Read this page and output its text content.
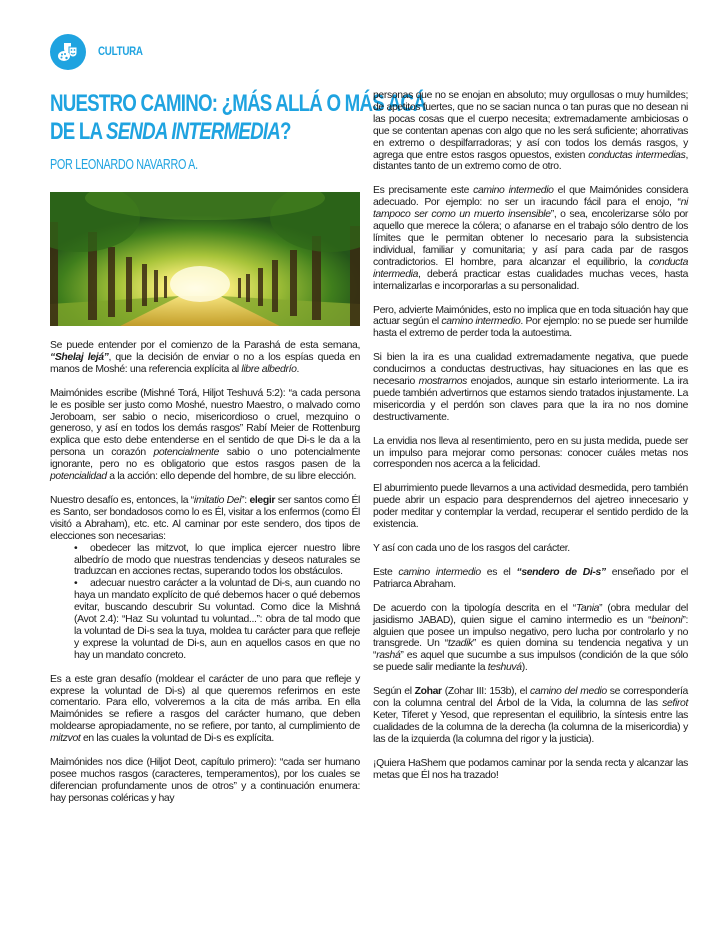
CULTURA
NUESTRO CAMINO: ¿MÁS ALLÁ O MÁS ACÁ
DE LA SENDA INTERMEDIA?
POR LEONARDO NAVARRO A.

Se puede entender por el comienzo de la Parashá de esta semana, “Shelaj lejá”, que la decisión de enviar o no a los espías queda en manos de Moshé: una referencia explícita al libre albedrío.

Maimónides escribe (Mishné Torá, Hiljot Teshuvá 5:2): “a cada persona le es posible ser justo como Moshé, nuestro Maestro, o malvado como Jeroboam, ser sabio o necio, misericordioso o cruel, mezquino o generoso, y así en todos los demás rasgos” Rabí Meier de Rottenburg explica que esto debe entenderse en el sentido de que Di-s le da a la persona un corazón potencialmente sabio o uno potencialmente ignorante, pero no es obligatorio que estos rasgos pasen de la potencialidad a la acción: ello depende del hombre, de su libre elección.

Nuestro desafío es, entonces, la “imitatio Dei”: elegir ser santos como Él es Santo, ser bondadosos como lo es Él, visitar a los enfermos (como Él visitó a Abraham), etc. etc. Al caminar por este sendero, dos tipos de elecciones son necesarias:

• obedecer las mitzvot, lo que implica ejercer nuestro libre albedrío de modo que nuestras tendencias y deseos naturales se traduzcan en acciones rectas, superando todos los obstáculos.

• adecuar nuestro carácter a la voluntad de Di-s, aun cuando no haya un mandato explícito de qué debemos hacer o qué debemos evitar, buscando descubrir Su voluntad. Como dice la Mishná (Avot 2.4): “Haz Su voluntad tu voluntad...”: obra de tal modo que la voluntad de Di-s sea la tuya, moldea tu carácter para que refleje y exprese la voluntad de Di-s, aun en aquellos casos en que no hay un mandato concreto.

Es a este gran desafío (moldear el carácter de uno para que refleje y exprese la voluntad de Di-s) al que queremos referirnos en este comentario. Para ello, volveremos a la cita de más arriba. En ella Maimónides se refiere a rasgos del carácter humano, que deben moldearse apropiadamente, no se refiere, por tanto, al cumplimiento de mitzvot en las cuales la voluntad de Di-s es explícita.

Maimónides nos dice (Hiljot Deot, capítulo primero): “cada ser humano posee muchos rasgos (caracteres, temperamentos), por los cuales se diferencian profundamente unos de otros” y a continuación enumera: hay personas coléricas y hay

personas que no se enojan en absoluto; muy orgullosas o muy humildes; de apetitos fuertes, que no se sacian nunca o tan puras que no desean ni las pocas cosas que el cuerpo necesita; extremadamente ambiciosas o que se contentan apenas con algo que no les será suficiente; ahorrativas en extremo o despilfarradoras; y así con todos los demás rasgos, y agrega que entre estos rasgos opuestos, existen conductas intermedias, distantes tanto de un extremo como de otro.

Es precisamente este camino intermedio el que Maimónides considera adecuado. Por ejemplo: no ser un iracundo fácil para el enojo, “ni tampoco ser como un muerto insensible”, o sea, encolerizarse sólo por aquello que merece la cólera; o afanarse en el trabajo sólo dentro de los límites que le permitan obtener lo necesario para la subsistencia individual, familiar y comunitaria; y así para cada par de rasgos contradictorios. El hombre, para alcanzar el equilibrio, la conducta intermedia, deberá practicar estas cualidades muchas veces, hasta internalizarlas e incorporarlas a su personalidad.

Pero, advierte Maimónides, esto no implica que en toda situación hay que actuar según el camino intermedio. Por ejemplo: no se puede ser humilde hasta el extremo de perder toda la autoestima.

Si bien la ira es una cualidad extremadamente negativa, que puede conducirnos a conductas destructivas, hay situaciones en las que es necesario mostrarnos enojados, aunque sin estarlo interiormente. La ira puede también advertirnos que estamos siendo tratados injustamente. La misericordia y el perdón son claves para que la ira no nos domine destructivamente.

La envidia nos lleva al resentimiento, pero en su justa medida, puede ser un impulso para mejorar como personas: conocer cuáles metas nos corresponden nos acerca a la felicidad.

El aburrimiento puede llevarnos a una actividad desmedida, pero también puede abrir un espacio para desprendernos del ajetreo innecesario y poder meditar y contemplar la verdad, recuperar el sentido perdido de la existencia.

Y así con cada uno de los rasgos del carácter.

Este camino intermedio es el “sendero de Di-s” enseñado por el Patriarca Abraham.

De acuerdo con la tipología descrita en el “Tania” (obra medular del jasidismo JABAD), quien sigue el camino intermedio es un “beinoni”: alguien que posee un impulso negativo, pero lucha por controlarlo y no transgrede. Un “tzadik” es quien domina su tendencia negativa y un “rashá” es aquel que sucumbe a sus impulsos (condición de la que sólo se puede salir mediante la teshuvá).

Según el Zohar (Zohar III: 153b), el camino del medio se correspondería con la columna central del Árbol de la Vida, la columna de las sefirot Keter, Tiferet y Yesod, que representan el equilibrio, la síntesis entre las cualidades de la columna de la derecha (la columna de la misericordia) y las de la izquierda (la columna del rigor y la justicia).

¡Quiera HaShem que podamos caminar por la senda recta y alcanzar las metas que Él nos ha trazado!
